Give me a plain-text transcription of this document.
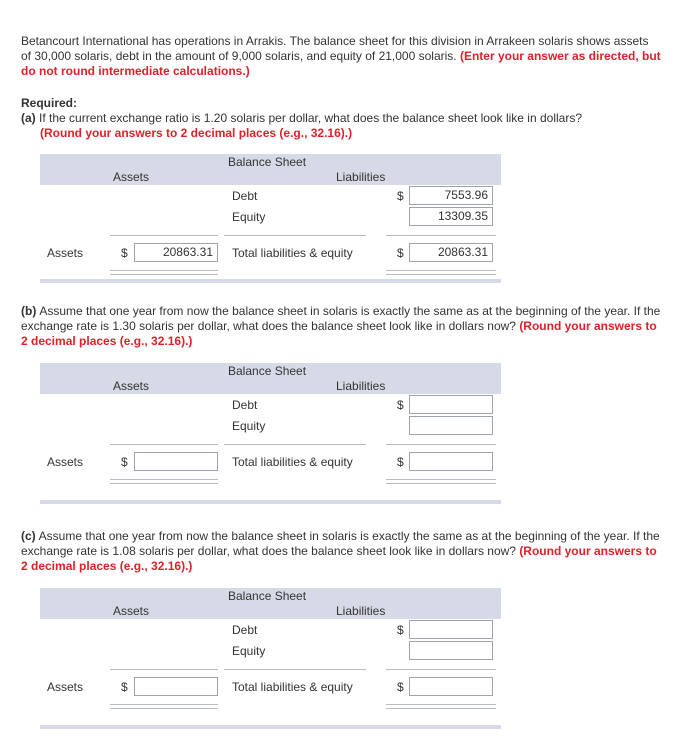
Betancourt International has operations in Arrakis. The balance sheet for this division in Arrakeen solaris shows assets of 30,000 solaris, debt in the amount of 9,000 solaris, and equity of 21,000 solaris. (Enter your answer as directed, but do not round intermediate calculations.)
Required:
(a) If the current exchange ratio is 1.20 solaris per dollar, what does the balance sheet look like in dollars?
(Round your answers to 2 decimal places (e.g., 32.16).)
Balance Sheet
Assets	Liabilities
Debt	$	7553.96
Equity	13309.35
Assets	$	20863.31	Total liabilities & equity	$	20863.31
(b) Assume that one year from now the balance sheet in solaris is exactly the same as at the beginning of the year. If the exchange rate is 1.30 solaris per dollar, what does the balance sheet look like in dollars now? (Round your answers to 2 decimal places (e.g., 32.16).)
Balance Sheet
Assets	Liabilities
Debt	$
Equity
Assets	$	Total liabilities & equity	$
(c) Assume that one year from now the balance sheet in solaris is exactly the same as at the beginning of the year. If the exchange rate is 1.08 solaris per dollar, what does the balance sheet look like in dollars now? (Round your answers to 2 decimal places (e.g., 32.16).)
Balance Sheet
Assets	Liabilities
Debt	$
Equity
Assets	$	Total liabilities & equity	$
